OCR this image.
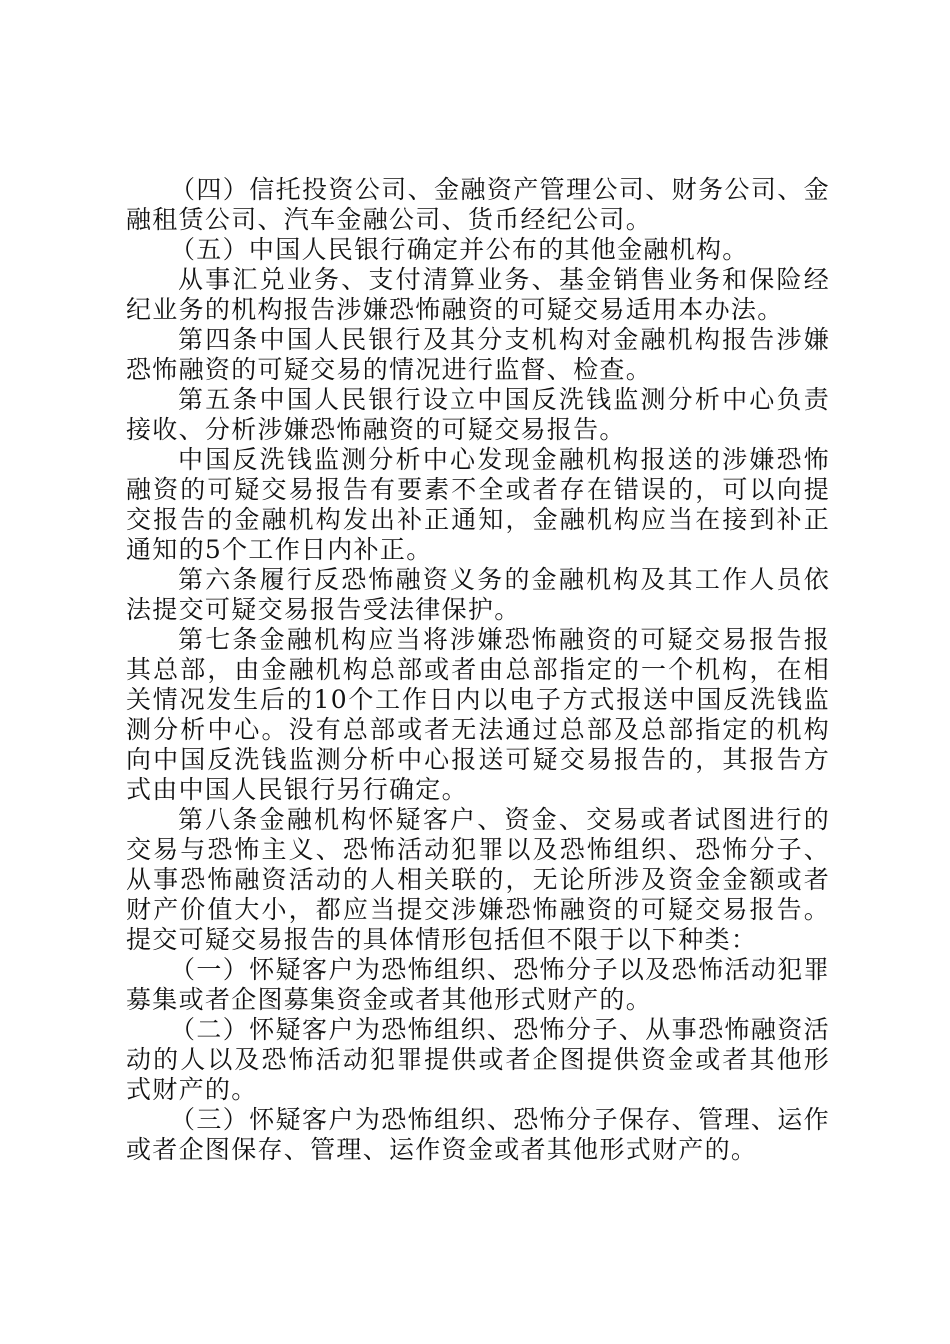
（四）信托投资公司、金融资产管理公司、财务公司、金融租赁公司、汽车金融公司、货币经纪公司。

（五）中国人民银行确定并公布的其他金融机构。

从事汇兑业务、支付清算业务、基金销售业务和保险经纪业务的机构报告涉嫌恐怖融资的可疑交易适用本办法。

第四条中国人民银行及其分支机构对金融机构报告涉嫌恐怖融资的可疑交易的情况进行监督、检查。

第五条中国人民银行设立中国反洗钱监测分析中心负责接收、分析涉嫌恐怖融资的可疑交易报告。

中国反洗钱监测分析中心发现金融机构报送的涉嫌恐怖融资的可疑交易报告有要素不全或者存在错误的，可以向提交报告的金融机构发出补正通知，金融机构应当在接到补正通知的5个工作日内补正。

第六条履行反恐怖融资义务的金融机构及其工作人员依法提交可疑交易报告受法律保护。

第七条金融机构应当将涉嫌恐怖融资的可疑交易报告报其总部，由金融机构总部或者由总部指定的一个机构，在相关情况发生后的10个工作日内以电子方式报送中国反洗钱监测分析中心。没有总部或者无法通过总部及总部指定的机构向中国反洗钱监测分析中心报送可疑交易报告的，其报告方式由中国人民银行另行确定。

第八条金融机构怀疑客户、资金、交易或者试图进行的交易与恐怖主义、恐怖活动犯罪以及恐怖组织、恐怖分子、从事恐怖融资活动的人相关联的，无论所涉及资金金额或者财产价值大小，都应当提交涉嫌恐怖融资的可疑交易报告。提交可疑交易报告的具体情形包括但不限于以下种类：

（一）怀疑客户为恐怖组织、恐怖分子以及恐怖活动犯罪募集或者企图募集资金或者其他形式财产的。

（二）怀疑客户为恐怖组织、恐怖分子、从事恐怖融资活动的人以及恐怖活动犯罪提供或者企图提供资金或者其他形式财产的。

（三）怀疑客户为恐怖组织、恐怖分子保存、管理、运作或者企图保存、管理、运作资金或者其他形式财产的。
